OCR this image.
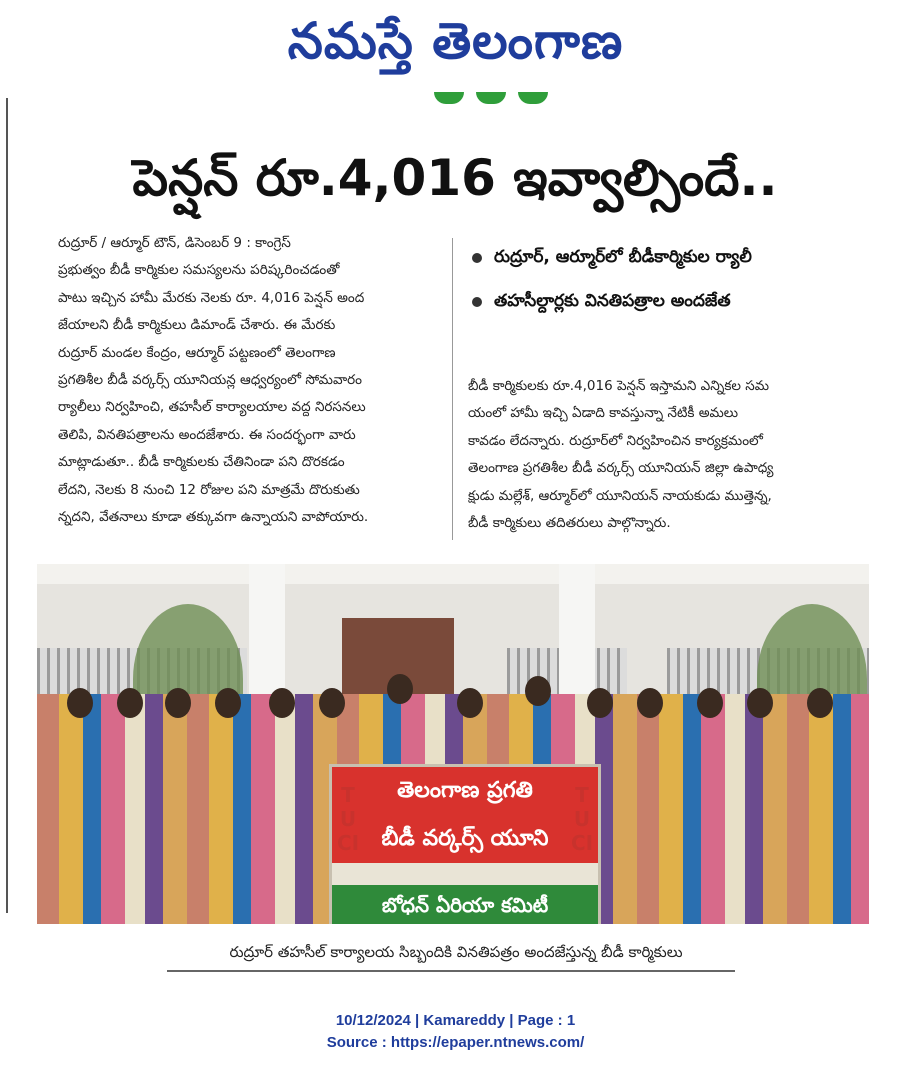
నమస్తే తెలంగాణ
పెన్షన్ రూ.4,016 ఇవ్వాల్సిందే..
రుద్రూర్ / ఆర్మూర్ టౌన్, డిసెంబర్ 9 : కాంగ్రెస్
ప్రభుత్వం బీడీ కార్మికుల సమస్యలను పరిష్కరించడంతో
పాటు ఇచ్చిన హామీ మేరకు నెలకు రూ. 4,016 పెన్షన్ అంద
జేయాలని బీడీ కార్మికులు డిమాండ్ చేశారు. ఈ మేరకు
రుద్రూర్ మండల కేంద్రం, ఆర్మూర్ పట్టణంలో తెలంగాణ
ప్రగతిశీల బీడీ వర్కర్స్ యూనియన్ల ఆధ్వర్యంలో సోమవారం
ర్యాలీలు నిర్వహించి, తహసీల్ కార్యాలయాల వద్ద నిరసనలు
తెలిపి, వినతిపత్రాలను అందజేశారు. ఈ సందర్భంగా వారు
మాట్లాడుతూ.. బీడీ కార్మికులకు చేతినిండా పని దొరకడం
లేదని, నెలకు 8 నుంచి 12 రోజుల పని మాత్రమే దొరుకుతు
న్నదని, వేతనాలు కూడా తక్కువగా ఉన్నాయని వాపోయారు.
రుద్రూర్, ఆర్మూర్‌లో బీడీకార్మికుల ర్యాలీ
తహసీల్దార్లకు వినతిపత్రాల అందజేత
బీడీ కార్మికులకు రూ.4,016 పెన్షన్ ఇస్తామని ఎన్నికల సమ
యంలో హామీ ఇచ్చి ఏడాది కావస్తున్నా నేటికీ అమలు
కావడం లేదన్నారు. రుద్రూర్‌లో నిర్వహించిన కార్యక్రమంలో
తెలంగాణ ప్రగతిశీల బీడీ వర్కర్స్ యూనియన్ జిల్లా ఉపాధ్య
క్షుడు మల్లేశ్, ఆర్మూర్‌లో యూనియన్ నాయకుడు ముత్తెన్న,
బీడీ కార్మికులు తదితరులు పాల్గొన్నారు.
తెలంగాణ ప్రగతి
బీడీ వర్కర్స్ యూని
బోధన్ ఏరియా కమిటీ
TUCI
TUCI
రుద్రూర్ తహసీల్ కార్యాలయ సిబ్బందికి వినతిపత్రం అందజేస్తున్న బీడీ కార్మికులు
10/12/2024 | Kamareddy | Page : 1
Source : https://epaper.ntnews.com/
